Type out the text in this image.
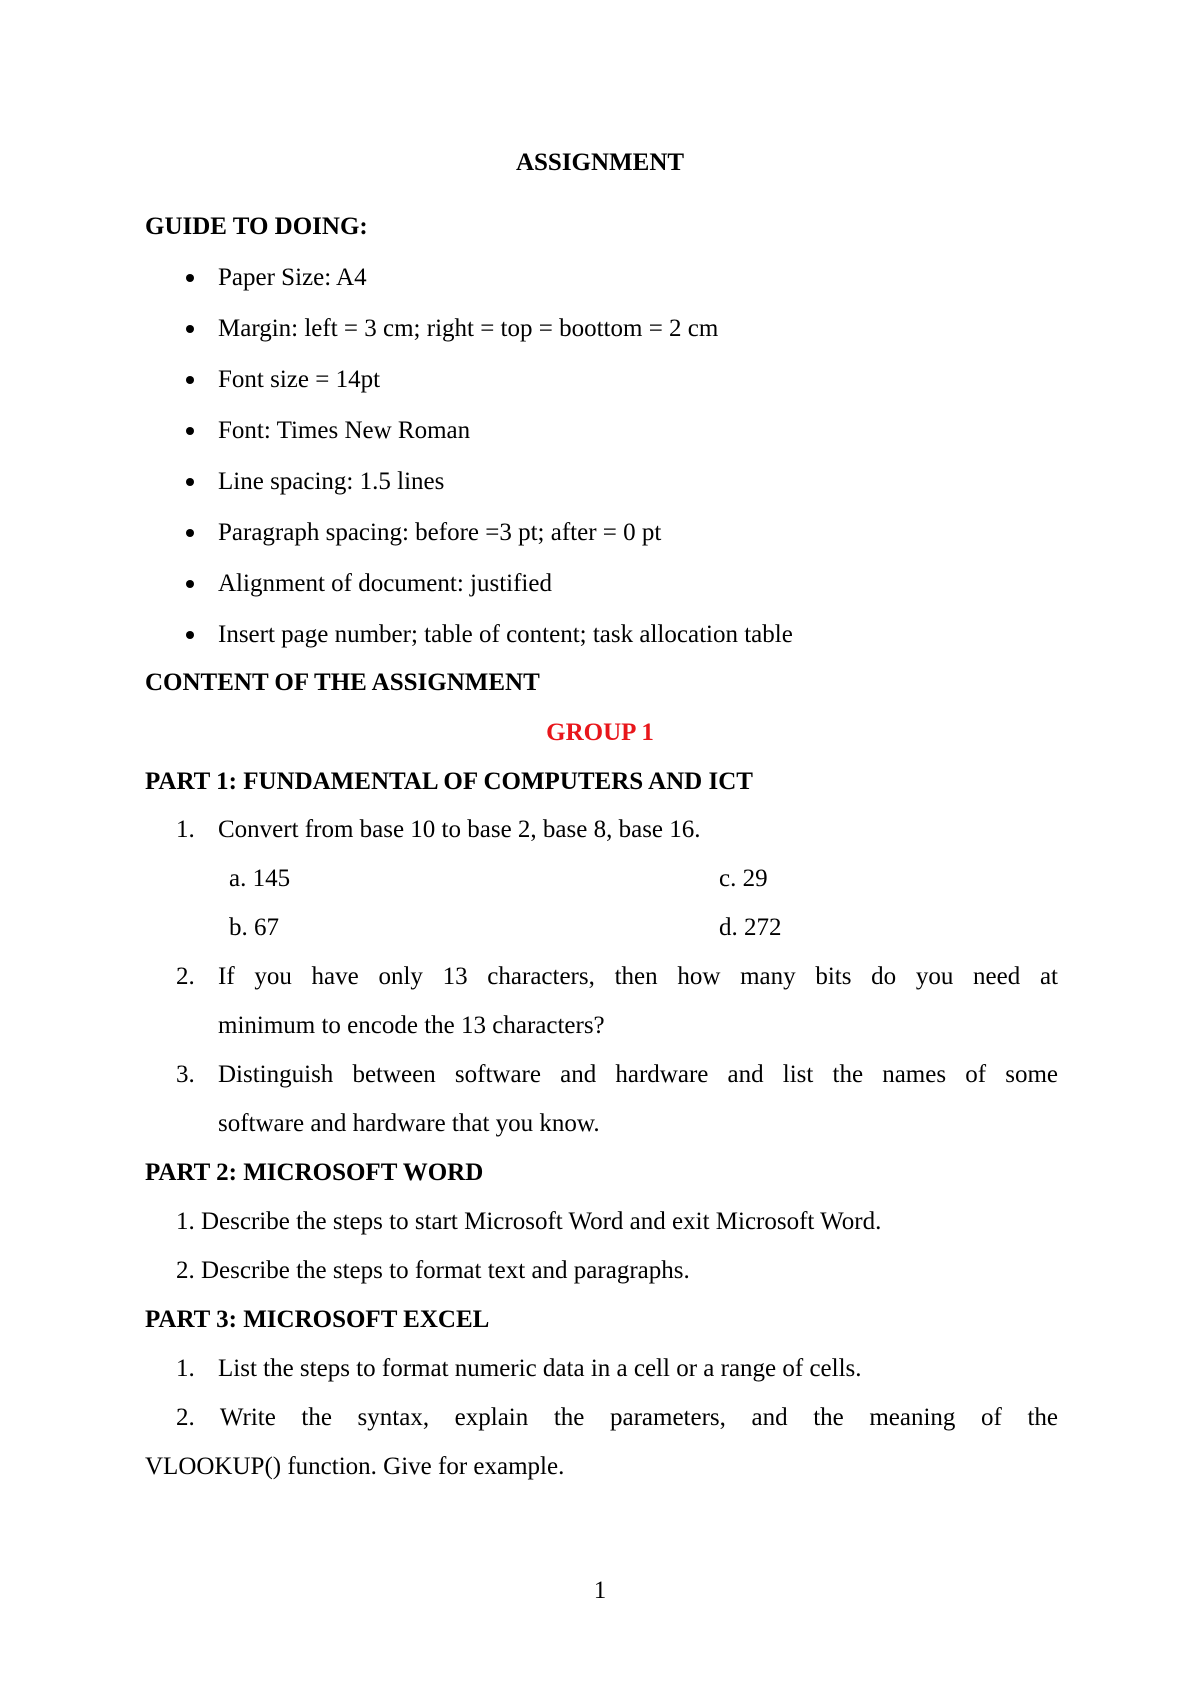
ASSIGNMENT
GUIDE TO DOING:
Paper Size: A4
Margin: left = 3 cm; right = top = boottom = 2 cm
Font size = 14pt
Font: Times New Roman
Line spacing: 1.5 lines
Paragraph spacing: before =3 pt; after = 0 pt
Alignment of document: justified
Insert page number; table of content; task allocation table
CONTENT OF THE ASSIGNMENT
GROUP 1
PART 1: FUNDAMENTAL OF COMPUTERS AND ICT
1. Convert from base 10 to base 2, base 8, base 16.
a. 145	c. 29
b. 67	d. 272
2. If you have only 13 characters, then how many bits do you need at
minimum to encode the 13 characters?
3. Distinguish between software and hardware and list the names of some
software and hardware that you know.
PART 2: MICROSOFT WORD
1. Describe the steps to start Microsoft Word and exit Microsoft Word.
2. Describe the steps to format text and paragraphs.
PART 3: MICROSOFT EXCEL
1. List the steps to format numeric data in a cell or a range of cells.
2. Write the syntax, explain the parameters, and the meaning of the
VLOOKUP() function. Give for example.
1
